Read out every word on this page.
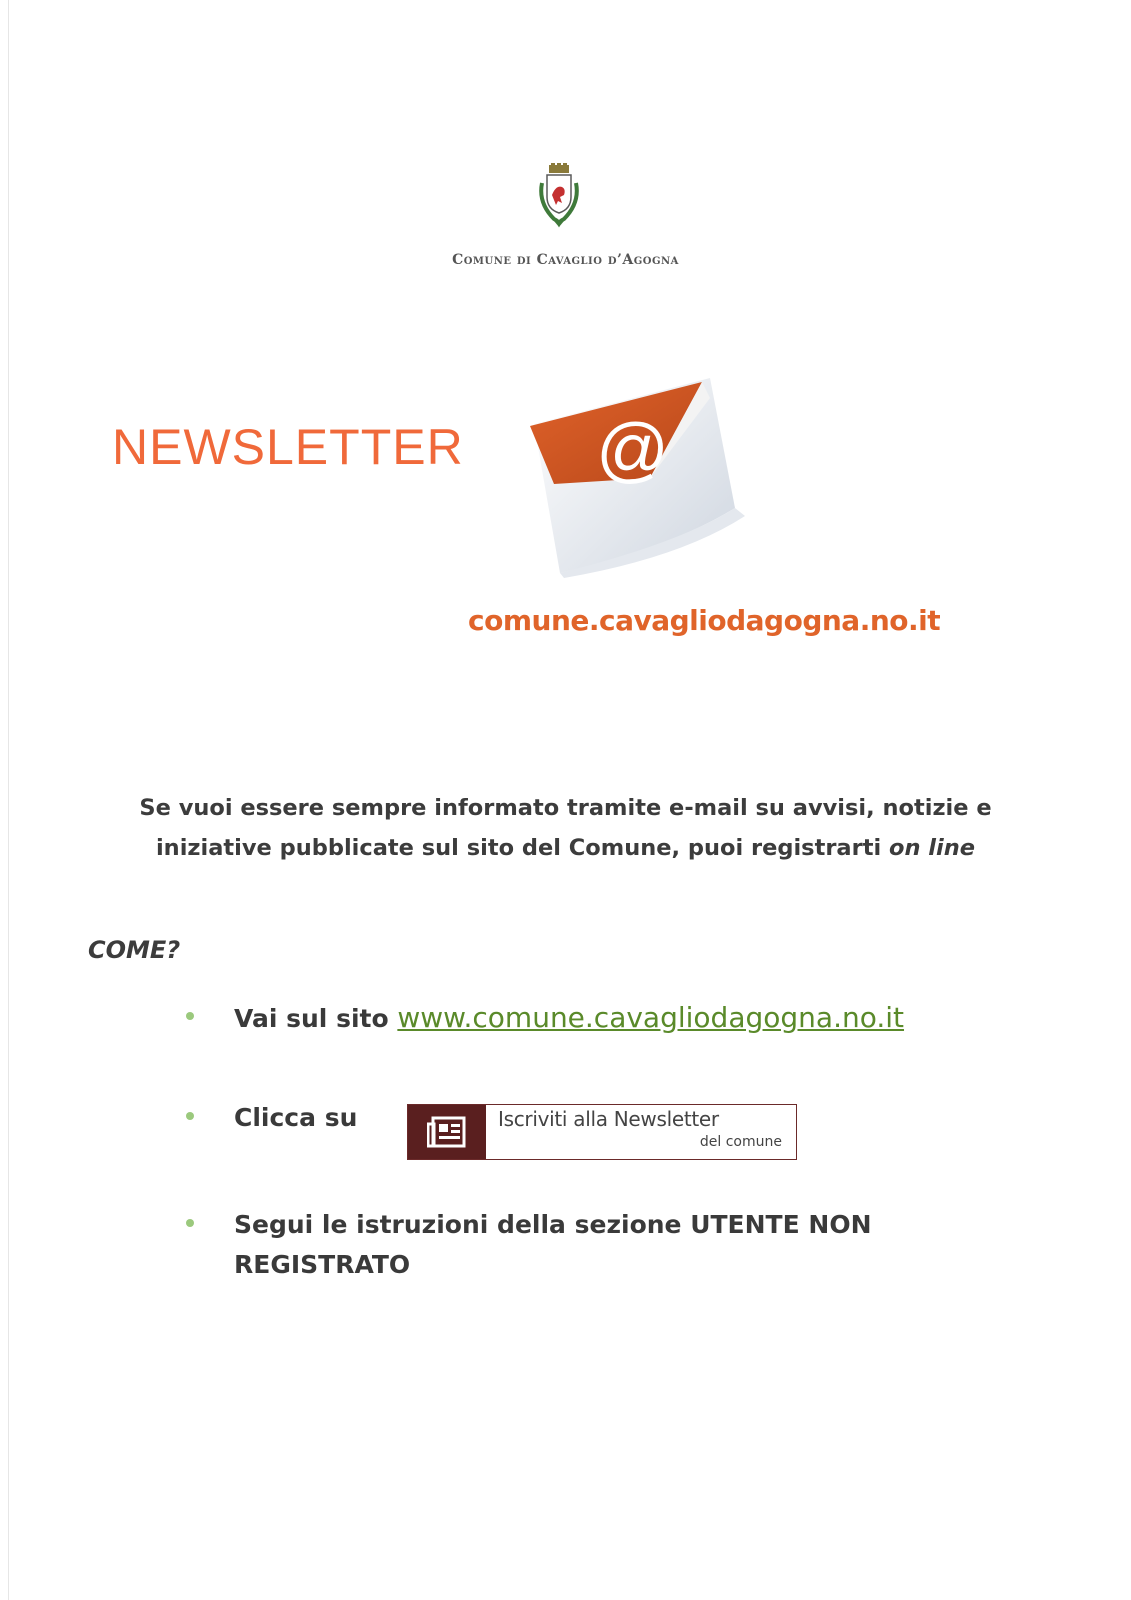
Comune di Cavaglio d’Agogna
NEWSLETTER @
comune.cavagliodagogna.no.it
Se vuoi essere sempre informato tramite e-mail su avvisi, notizie e
iniziative pubblicate sul sito del Comune, puoi registrarti on line
COME?
Vai sul sito www.comune.cavagliodagogna.no.it
Clicca su	Iscriviti alla Newsletter
del comune
Segui le istruzioni della sezione UTENTE NON REGISTRATO
